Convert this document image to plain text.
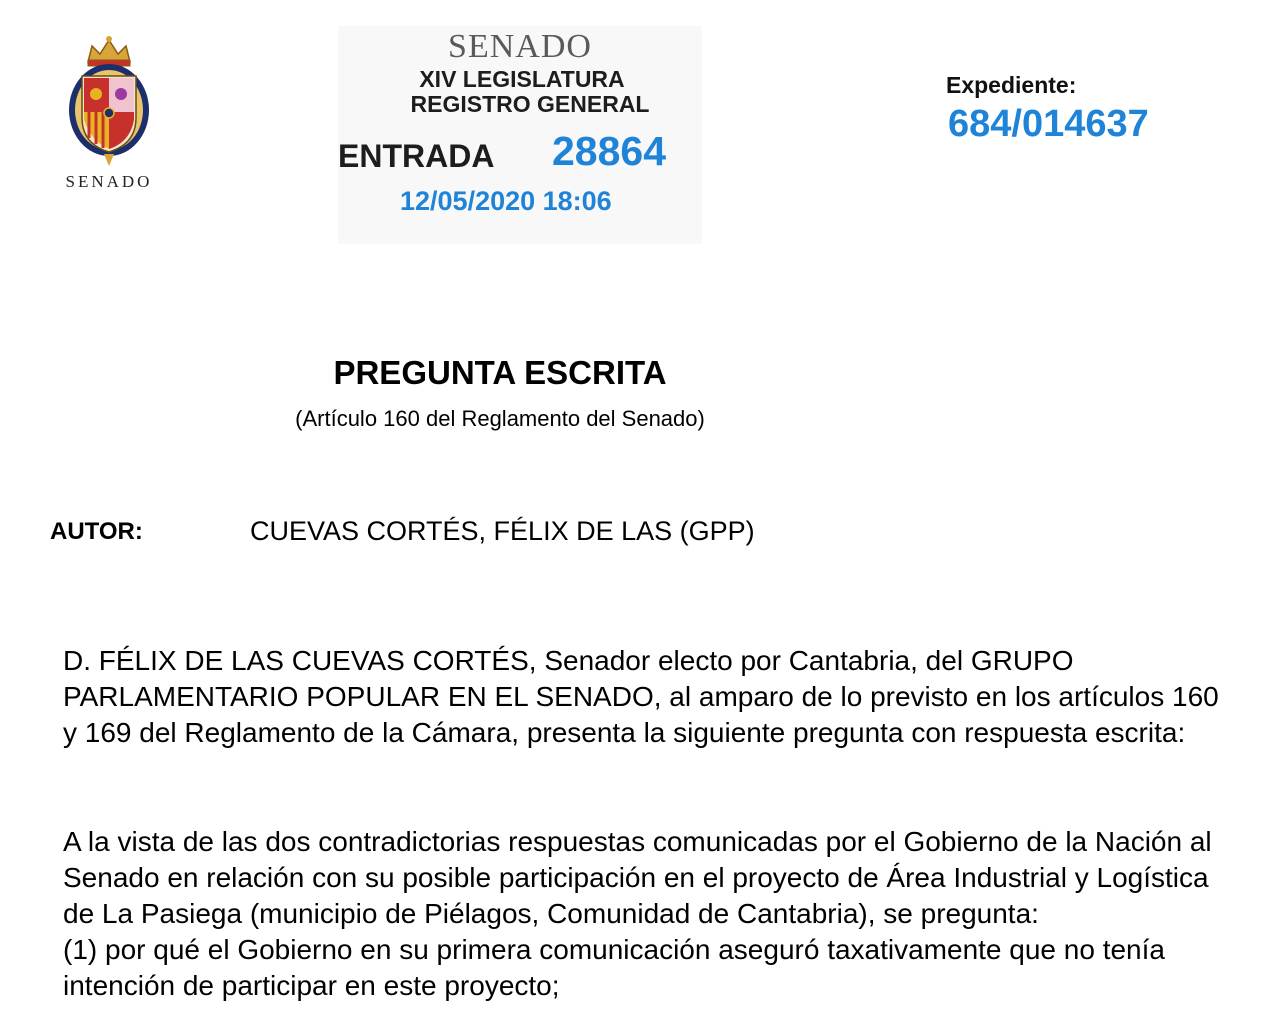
SENADO
SENADO
XIV LEGISLATURA
REGISTRO GENERAL
ENTRADA 28864
12/05/2020 18:06
Expediente:
684/014637
PREGUNTA ESCRITA
(Artículo 160 del Reglamento del Senado)
AUTOR:	CUEVAS CORTÉS, FÉLIX DE LAS (GPP)

D. FÉLIX DE LAS CUEVAS CORTÉS, Senador electo por Cantabria, del GRUPO PARLAMENTARIO POPULAR EN EL SENADO, al amparo de lo previsto en los artículos 160 y 169 del Reglamento de la Cámara, presenta la siguiente pregunta con respuesta escrita:

A la vista de las dos contradictorias respuestas comunicadas por el Gobierno de la Nación al Senado en relación con su posible participación en el proyecto de Área Industrial y Logística de La Pasiega (municipio de Piélagos, Comunidad de Cantabria), se pregunta:
(1) por qué el Gobierno en su primera comunicación aseguró taxativamente que no tenía intención de participar en este proyecto;
